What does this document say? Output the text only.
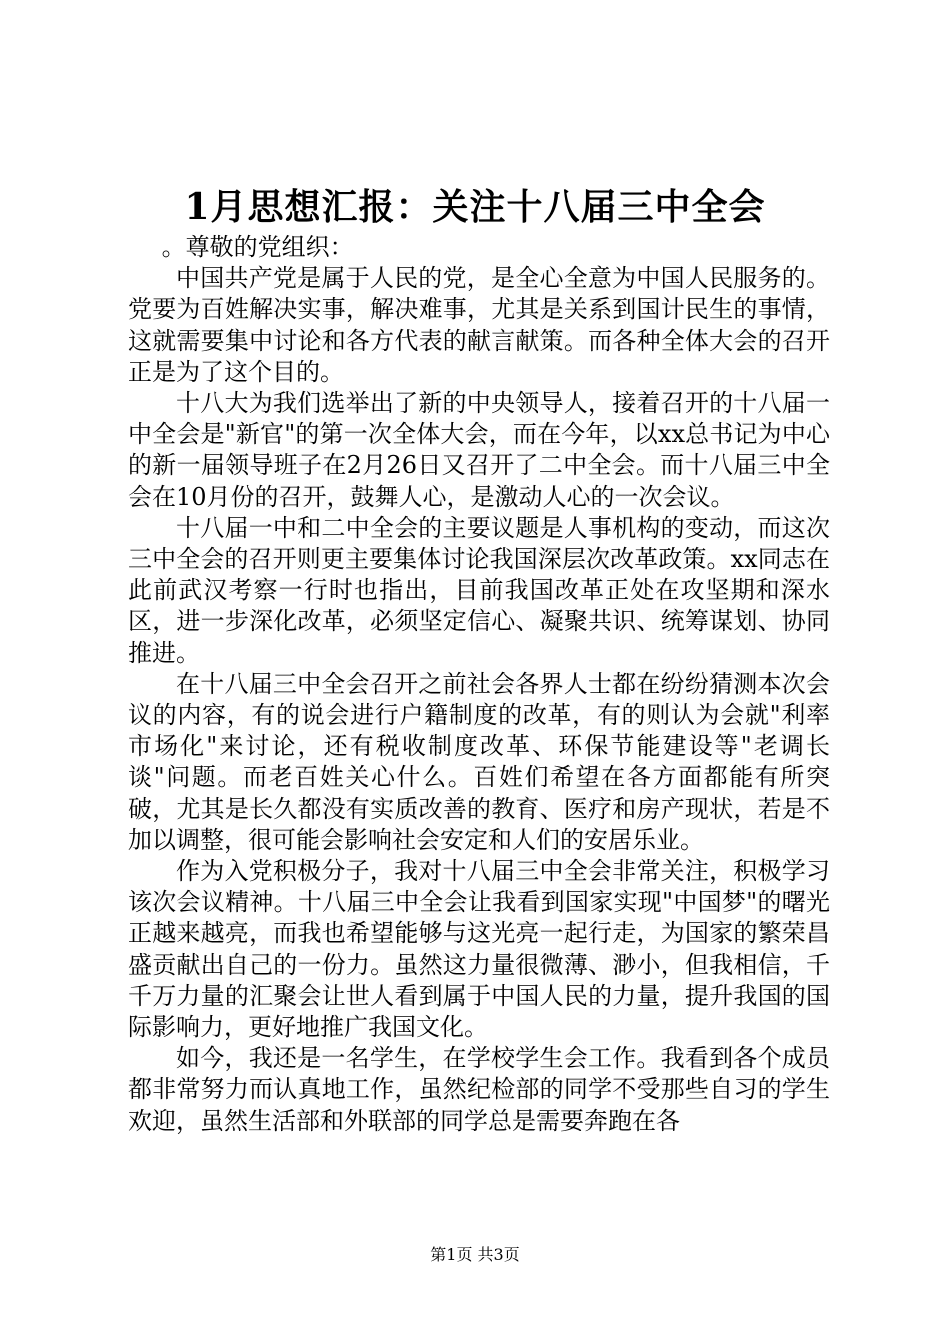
1月思想汇报：关注十八届三中全会

。尊敬的党组织：

中国共产党是属于人民的党，是全心全意为中国人民服务的。党要为百姓解决实事，解决难事，尤其是关系到国计民生的事情，这就需要集中讨论和各方代表的献言献策。而各种全体大会的召开正是为了这个目的。

十八大为我们选举出了新的中央领导人，接着召开的十八届一中全会是"新官"的第一次全体大会，而在今年，以xx总书记为中心的新一届领导班子在2月26日又召开了二中全会。而十八届三中全会在10月份的召开，鼓舞人心，是激动人心的一次会议。

十八届一中和二中全会的主要议题是人事机构的变动，而这次三中全会的召开则更主要集体讨论我国深层次改革政策。xx同志在此前武汉考察一行时也指出，目前我国改革正处在攻坚期和深水区，进一步深化改革，必须坚定信心、凝聚共识、统筹谋划、协同推进。

在十八届三中全会召开之前社会各界人士都在纷纷猜测本次会议的内容，有的说会进行户籍制度的改革，有的则认为会就"利率市场化"来讨论，还有税收制度改革、环保节能建设等"老调长谈"问题。而老百姓关心什么。百姓们希望在各方面都能有所突破，尤其是长久都没有实质改善的教育、医疗和房产现状，若是不加以调整，很可能会影响社会安定和人们的安居乐业。

作为入党积极分子，我对十八届三中全会非常关注，积极学习该次会议精神。十八届三中全会让我看到国家实现"中国梦"的曙光正越来越亮，而我也希望能够与这光亮一起行走，为国家的繁荣昌盛贡献出自己的一份力。虽然这力量很微薄、渺小，但我相信，千千万力量的汇聚会让世人看到属于中国人民的力量，提升我国的国际影响力，更好地推广我国文化。

如今，我还是一名学生，在学校学生会工作。我看到各个成员都非常努力而认真地工作，虽然纪检部的同学不受那些自习的学生欢迎，虽然生活部和外联部的同学总是需要奔跑在各

第1页 共3页
